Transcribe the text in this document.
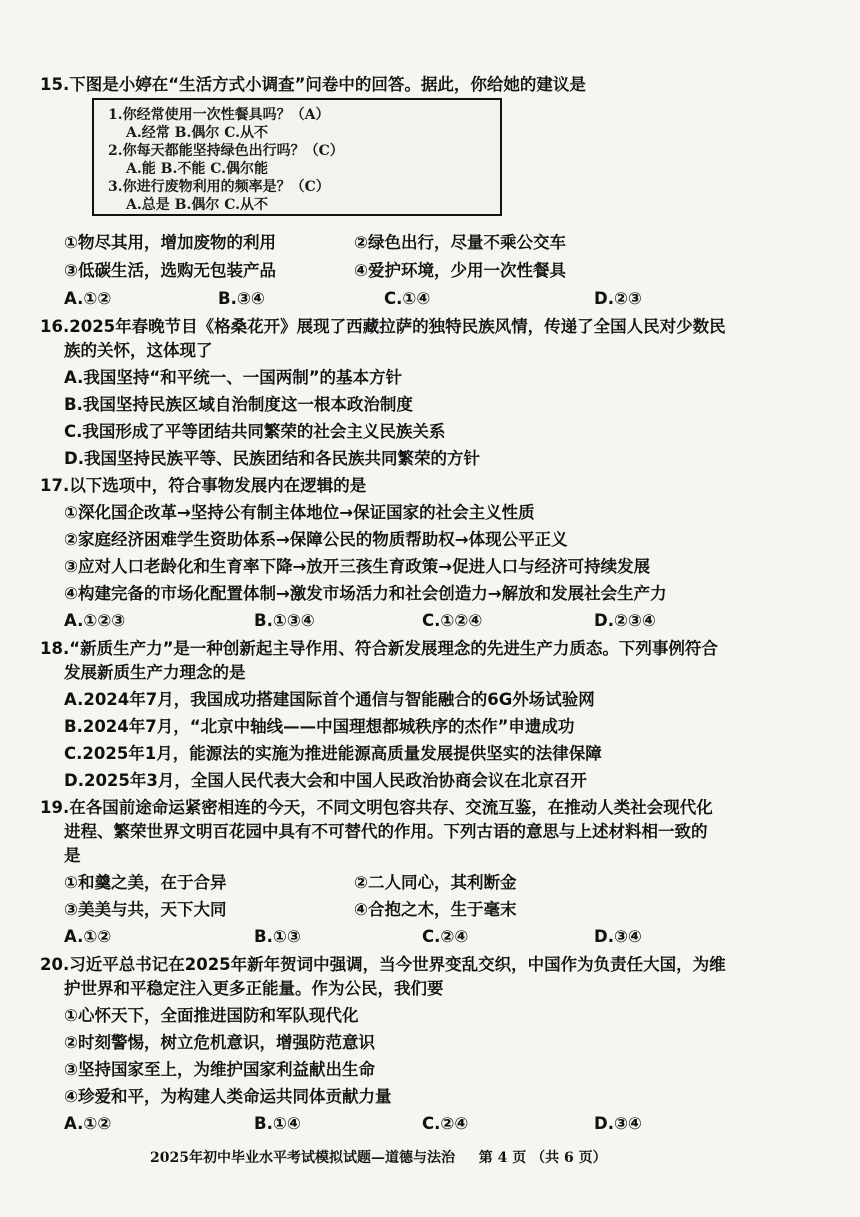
15.下图是小婷在“生活方式小调查”问卷中的回答。据此，你给她的建议是
1.你经常使用一次性餐具吗？（A）
A.经常 B.偶尔 C.从不
2.你每天都能坚持绿色出行吗？（C）
A.能 B.不能 C.偶尔能
3.你进行废物利用的频率是？（C）
A.总是 B.偶尔 C.从不
①物尽其用，增加废物的利用	②绿色出行，尽量不乘公交车
③低碳生活，选购无包装产品	④爱护环境，少用一次性餐具
A.①②	B.③④	C.①④	D.②③
16.2025年春晚节目《格桑花开》展现了西藏拉萨的独特民族风情，传递了全国人民对少数民
族的关怀，这体现了
A.我国坚持“和平统一、一国两制”的基本方针
B.我国坚持民族区域自治制度这一根本政治制度
C.我国形成了平等团结共同繁荣的社会主义民族关系
D.我国坚持民族平等、民族团结和各民族共同繁荣的方针
17.以下选项中，符合事物发展内在逻辑的是
①深化国企改革→坚持公有制主体地位→保证国家的社会主义性质
②家庭经济困难学生资助体系→保障公民的物质帮助权→体现公平正义
③应对人口老龄化和生育率下降→放开三孩生育政策→促进人口与经济可持续发展
④构建完备的市场化配置体制→激发市场活力和社会创造力→解放和发展社会生产力
A.①②③	B.①③④	C.①②④	D.②③④
18.“新质生产力”是一种创新起主导作用、符合新发展理念的先进生产力质态。下列事例符合
发展新质生产力理念的是
A.2024年7月，我国成功搭建国际首个通信与智能融合的6G外场试验网
B.2024年7月，“北京中轴线——中国理想都城秩序的杰作”申遗成功
C.2025年1月，能源法的实施为推进能源高质量发展提供坚实的法律保障
D.2025年3月，全国人民代表大会和中国人民政治协商会议在北京召开
19.在各国前途命运紧密相连的今天，不同文明包容共存、交流互鉴，在推动人类社会现代化
进程、繁荣世界文明百花园中具有不可替代的作用。下列古语的意思与上述材料相一致的
是
①和羹之美，在于合异	②二人同心，其利断金
③美美与共，天下大同	④合抱之木，生于毫末
A.①②	B.①③	C.②④	D.③④
20.习近平总书记在2025年新年贺词中强调，当今世界变乱交织，中国作为负责任大国，为维
护世界和平稳定注入更多正能量。作为公民，我们要
①心怀天下，全面推进国防和军队现代化
②时刻警惕，树立危机意识，增强防范意识
③坚持国家至上，为维护国家利益献出生命
④珍爱和平，为构建人类命运共同体贡献力量
A.①②	B.①④	C.②④	D.③④
2025年初中毕业水平考试模拟试题—道德与法治 第 4 页 （共 6 页）
